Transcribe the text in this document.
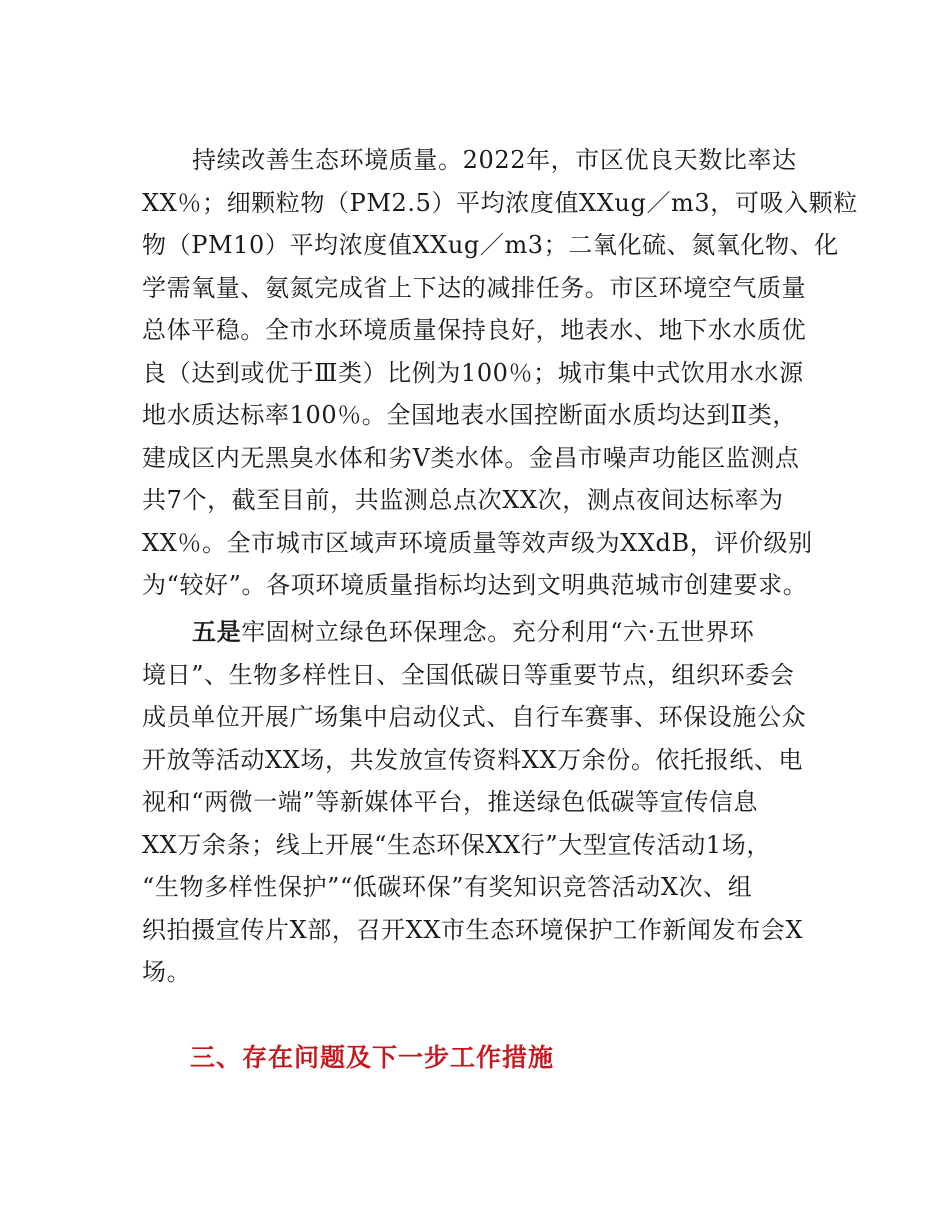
持续改善生态环境质量。2022年，市区优良天数比率达
XX％；细颗粒物（PM2.5）平均浓度值XXug／m3，可吸入颗粒
物（PM10）平均浓度值XXug／m3；二氧化硫、氮氧化物、化
学需氧量、氨氮完成省上下达的减排任务。市区环境空气质量
总体平稳。全市水环境质量保持良好，地表水、地下水水质优
良（达到或优于Ⅲ类）比例为100％；城市集中式饮用水水源
地水质达标率100％。全国地表水国控断面水质均达到Ⅱ类，
建成区内无黑臭水体和劣Ⅴ类水体。金昌市噪声功能区监测点
共7个，截至目前，共监测总点次XX次，测点夜间达标率为
XX％。全市城市区域声环境质量等效声级为XXdB，评价级别
为“较好”。各项环境质量指标均达到文明典范城市创建要求。
五是牢固树立绿色环保理念。充分利用“六·五世界环
境日”、生物多样性日、全国低碳日等重要节点，组织环委会
成员单位开展广场集中启动仪式、自行车赛事、环保设施公众
开放等活动XX场，共发放宣传资料XX万余份。依托报纸、电
视和“两微一端”等新媒体平台，推送绿色低碳等宣传信息
XX万余条；线上开展“生态环保XX行”大型宣传活动1场，
“生物多样性保护”“低碳环保”有奖知识竞答活动X次、组
织拍摄宣传片X部，召开XX市生态环境保护工作新闻发布会X
场。
三、存在问题及下一步工作措施
